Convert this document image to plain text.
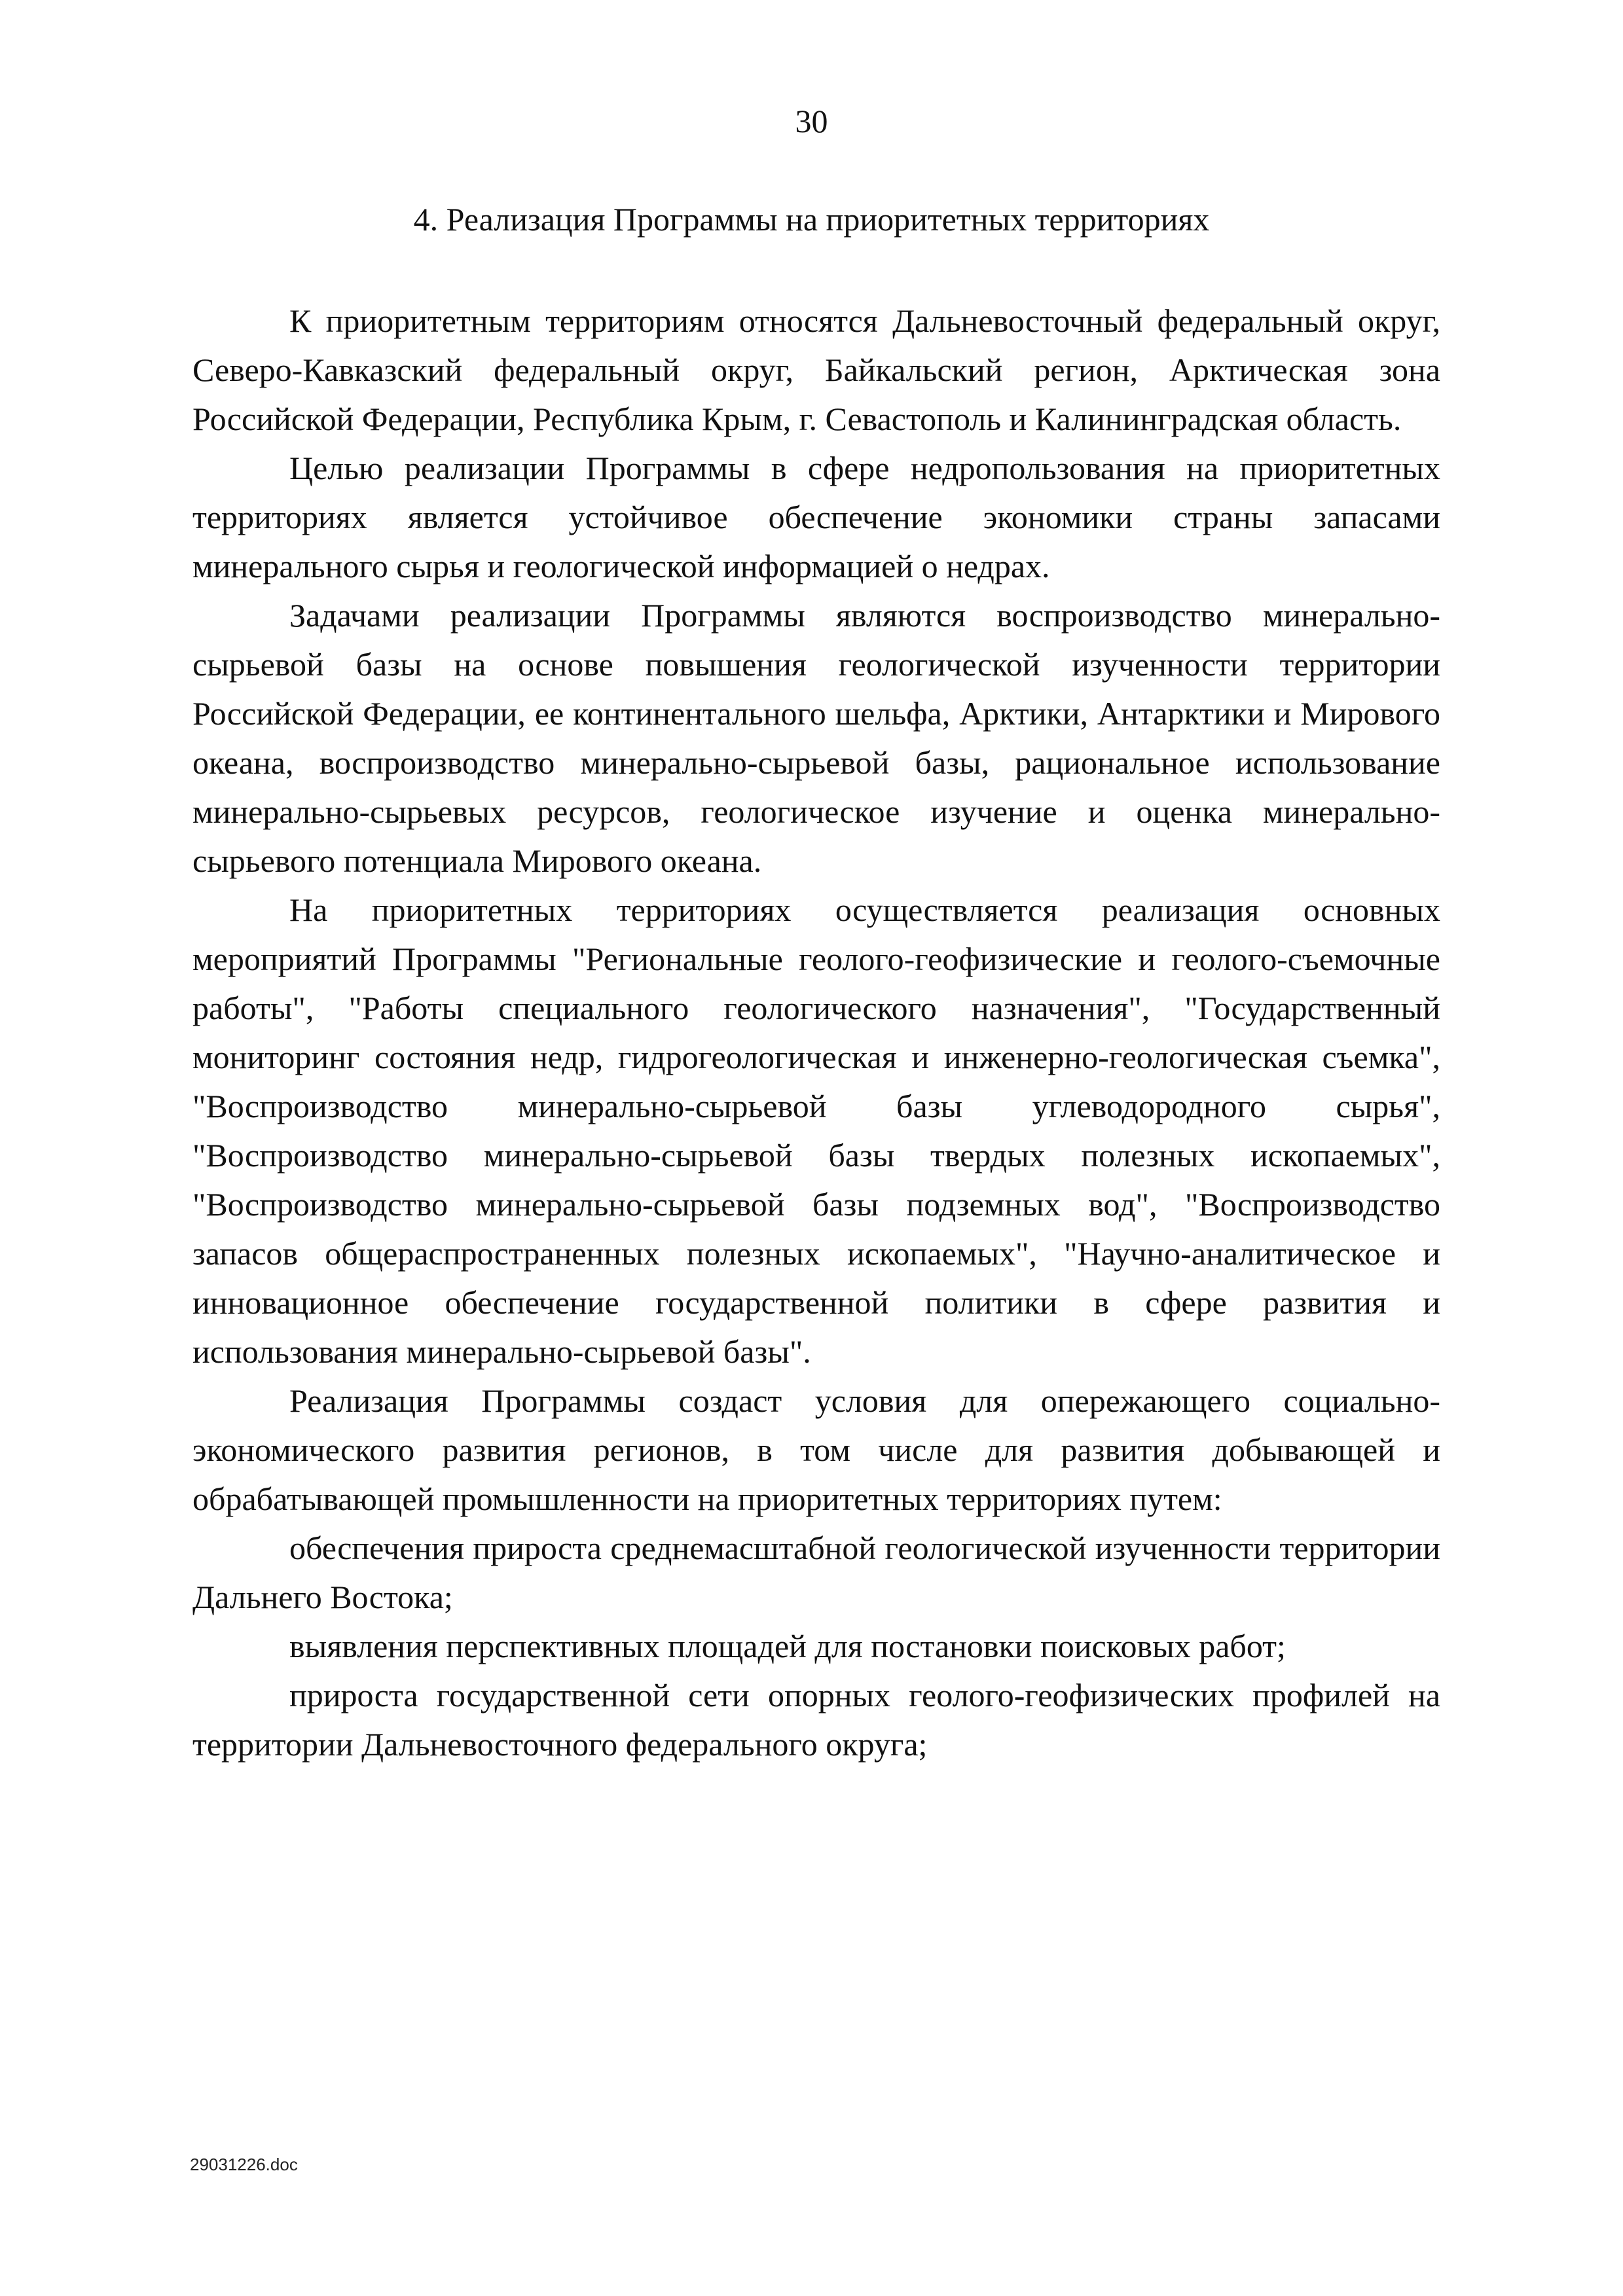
30
4. Реализация Программы на приоритетных территориях

К приоритетным территориям относятся Дальневосточный федеральный округ, Северо-Кавказский федеральный округ, Байкальский регион, Арктическая зона Российской Федерации, Республика Крым, г. Севастополь и Калининградская область.

Целью реализации Программы в сфере недропользования на приоритетных территориях является устойчивое обеспечение экономики страны запасами минерального сырья и геологической информацией о недрах.

Задачами реализации Программы являются воспроизводство минерально-сырьевой базы на основе повышения геологической изученности территории Российской Федерации, ее континентального шельфа, Арктики, Антарктики и Мирового океана, воспроизводство минерально-сырьевой базы, рациональное использование минерально-сырьевых ресурсов, геологическое изучение и оценка минерально-сырьевого потенциала Мирового океана.

На приоритетных территориях осуществляется реализация основных мероприятий Программы "Региональные геолого-геофизические и геолого-съемочные работы", "Работы специального геологического назначения", "Государственный мониторинг состояния недр, гидрогеологическая и инженерно-геологическая съемка", "Воспроизводство минерально-сырьевой базы углеводородного сырья", "Воспроизводство минерально-сырьевой базы твердых полезных ископаемых", "Воспроизводство минерально-сырьевой базы подземных вод", "Воспроизводство запасов общераспространенных полезных ископаемых", "Научно-аналитическое и инновационное обеспечение государственной политики в сфере развития и использования минерально-сырьевой базы".

Реализация Программы создаст условия для опережающего социально-экономического развития регионов, в том числе для развития добывающей и обрабатывающей промышленности на приоритетных территориях путем:

обеспечения прироста среднемасштабной геологической изученности территории Дальнего Востока;

выявления перспективных площадей для постановки поисковых работ;

прироста государственной сети опорных геолого-геофизических профилей на территории Дальневосточного федерального округа;

29031226.doc
